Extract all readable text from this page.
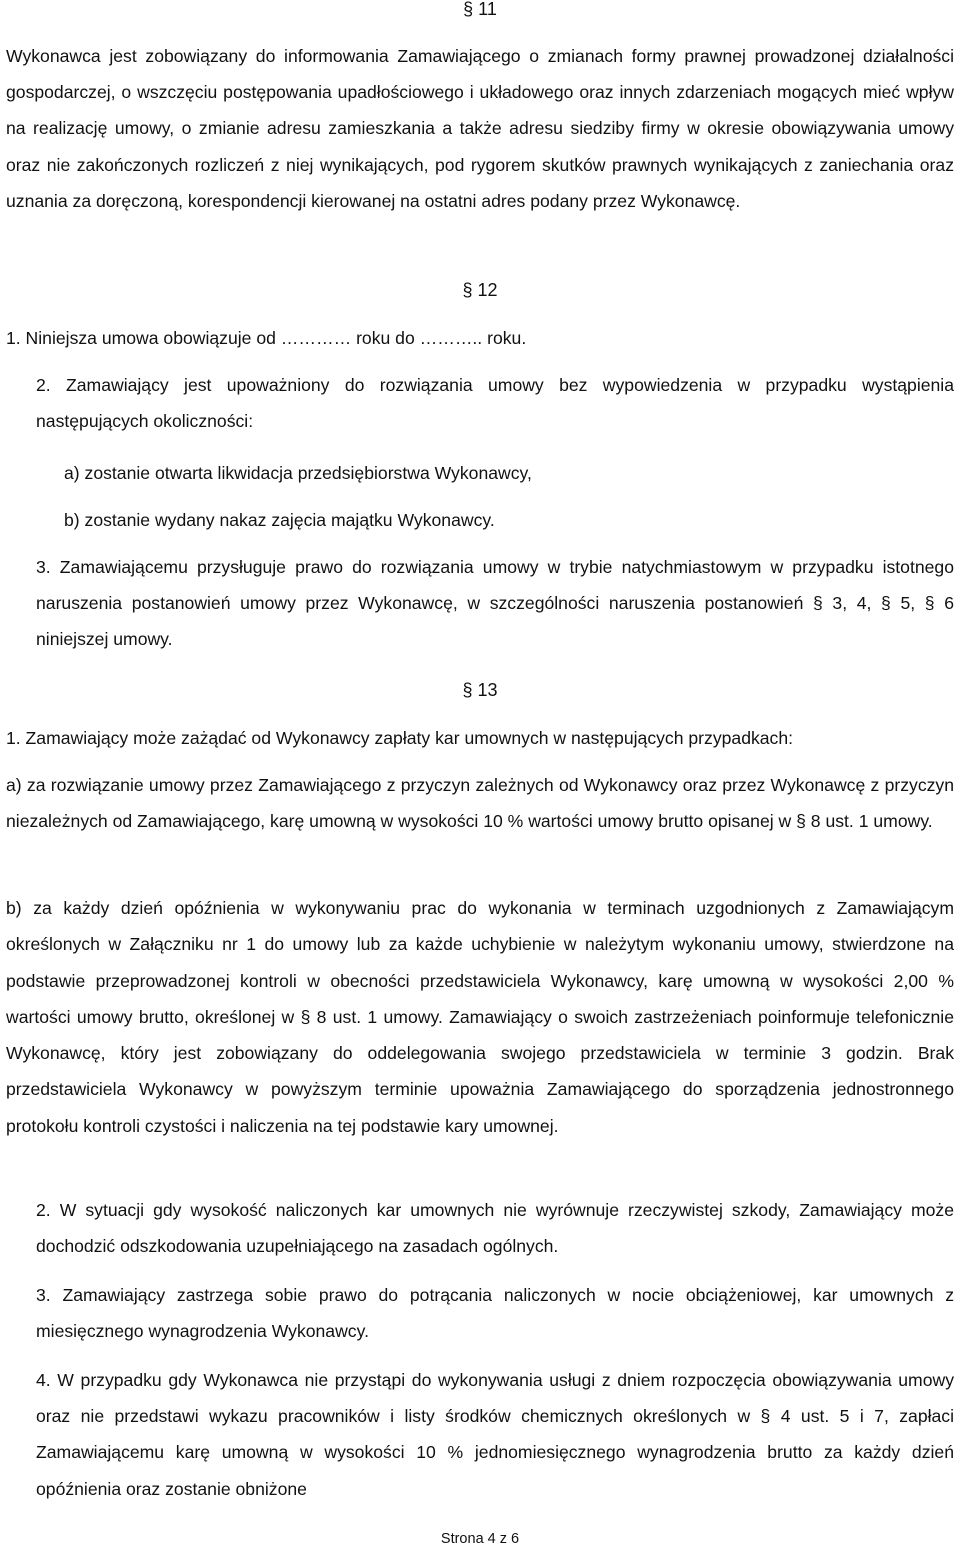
§ 11
Wykonawca jest zobowiązany do informowania Zamawiającego o zmianach formy prawnej prowadzonej działalności gospodarczej, o wszczęciu postępowania upadłościowego i układowego oraz innych zdarzeniach mogących mieć wpływ na realizację umowy, o zmianie adresu zamieszkania a także adresu siedziby firmy w okresie obowiązywania umowy oraz nie zakończonych rozliczeń z niej wynikających, pod rygorem skutków prawnych wynikających z zaniechania oraz uznania za doręczoną, korespondencji kierowanej na ostatni adres podany przez Wykonawcę.
§ 12
1. Niniejsza umowa obowiązuje od ………… roku do ……….. roku.
2. Zamawiający jest upoważniony do rozwiązania umowy bez wypowiedzenia w przypadku wystąpienia następujących okoliczności:
a) zostanie otwarta likwidacja przedsiębiorstwa Wykonawcy,
b) zostanie wydany nakaz zajęcia majątku Wykonawcy.
3. Zamawiającemu przysługuje prawo do rozwiązania umowy w trybie natychmiastowym w przypadku istotnego naruszenia postanowień umowy przez Wykonawcę, w szczególności naruszenia postanowień § 3, 4, § 5, § 6 niniejszej umowy.
§ 13
1. Zamawiający może zażądać od Wykonawcy zapłaty kar umownych w następujących przypadkach:
a) za rozwiązanie umowy przez Zamawiającego z przyczyn zależnych od Wykonawcy oraz przez Wykonawcę z przyczyn niezależnych od Zamawiającego, karę umowną w wysokości 10 % wartości umowy brutto opisanej w § 8 ust. 1 umowy.
b) za każdy dzień opóźnienia w wykonywaniu prac do wykonania w terminach uzgodnionych z Zamawiającym określonych w Załączniku nr 1 do umowy lub za każde uchybienie w należytym wykonaniu umowy, stwierdzone na podstawie przeprowadzonej kontroli w obecności przedstawiciela Wykonawcy, karę umowną w wysokości 2,00 % wartości umowy brutto, określonej w § 8 ust. 1 umowy. Zamawiający o swoich zastrzeżeniach poinformuje telefonicznie Wykonawcę, który jest zobowiązany do oddelegowania swojego przedstawiciela w terminie 3 godzin. Brak przedstawiciela Wykonawcy w powyższym terminie upoważnia Zamawiającego do sporządzenia jednostronnego protokołu kontroli czystości i naliczenia na tej podstawie kary umownej.
2. W sytuacji gdy wysokość naliczonych kar umownych nie wyrównuje rzeczywistej szkody, Zamawiający może dochodzić odszkodowania uzupełniającego na zasadach ogólnych.
3. Zamawiający zastrzega sobie prawo do potrącania naliczonych w nocie obciążeniowej, kar umownych z miesięcznego wynagrodzenia Wykonawcy.
4. W przypadku gdy Wykonawca nie przystąpi do wykonywania usługi z dniem rozpoczęcia obowiązywania umowy oraz nie przedstawi wykazu pracowników i listy środków chemicznych określonych w § 4 ust. 5 i 7, zapłaci Zamawiającemu karę umowną w wysokości 10 % jednomiesięcznego wynagrodzenia brutto za każdy dzień opóźnienia oraz zostanie obniżone
Strona 4 z 6
